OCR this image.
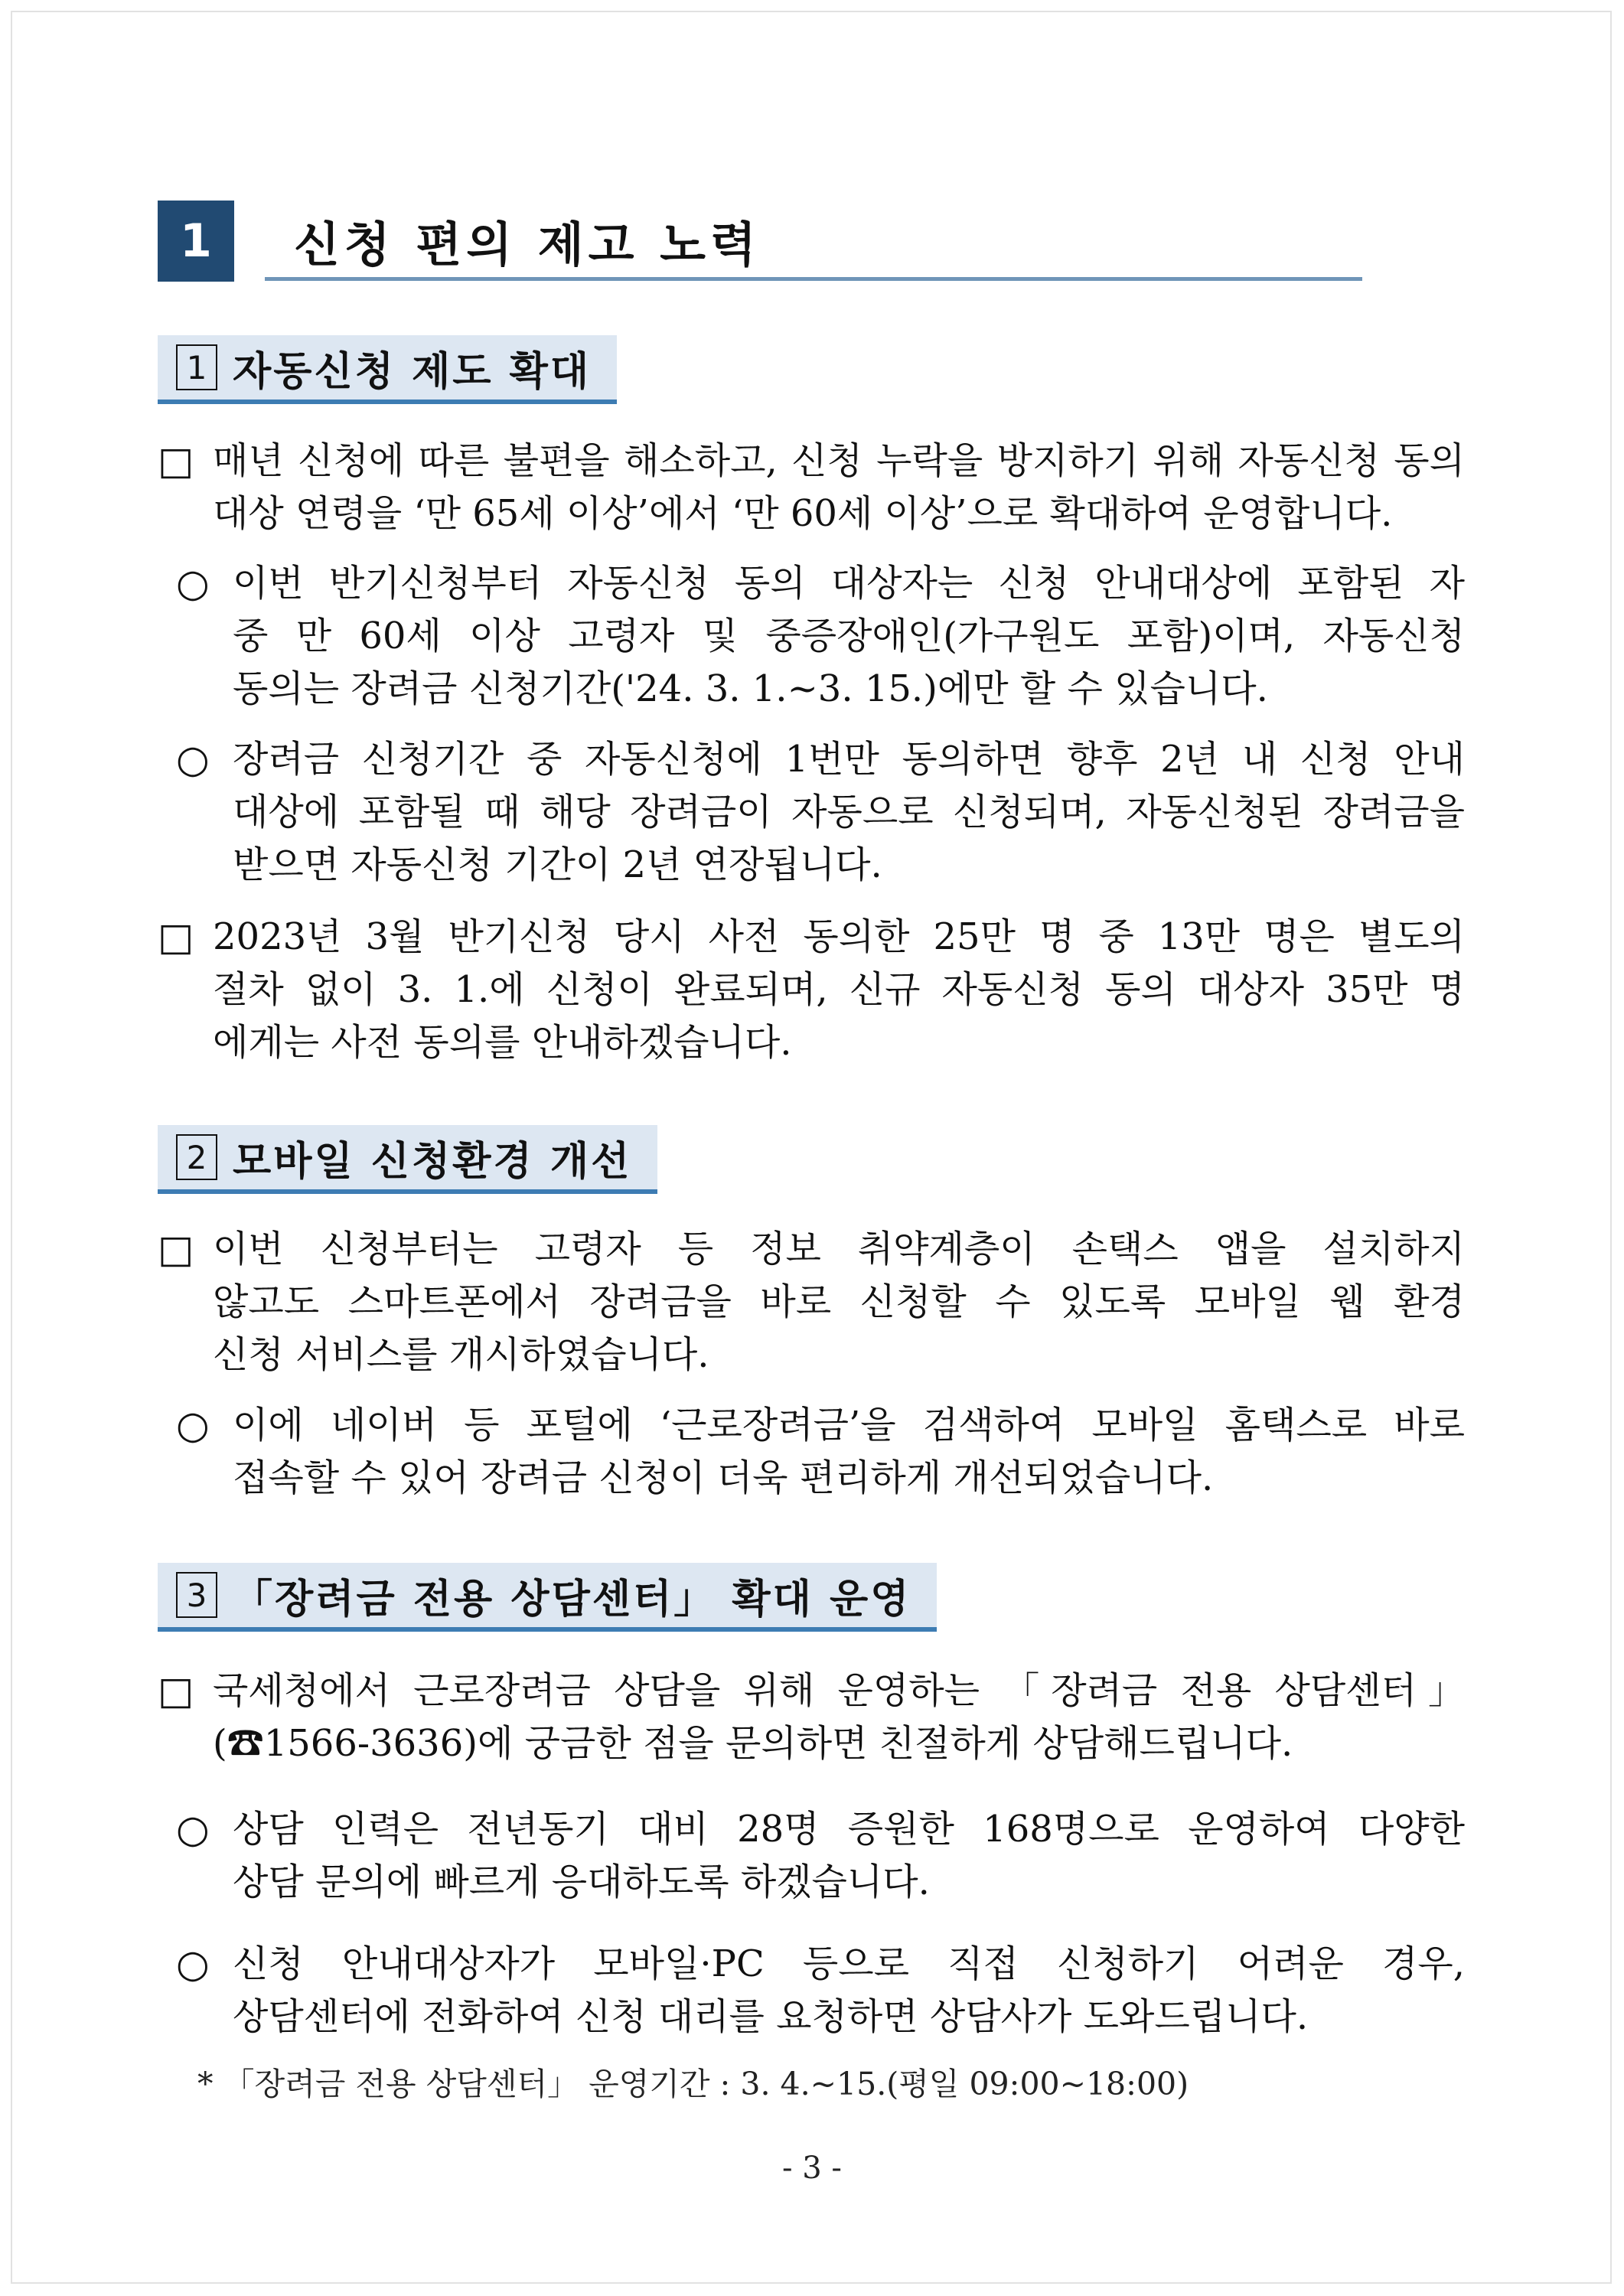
1	신청 편의 제고 노력
1 자동신청 제도 확대
□ 매년 신청에 따른 불편을 해소하고, 신청 누락을 방지하기 위해 자동신청 동의
대상 연령을 ‘만 65세 이상’에서 ‘만 60세 이상’으로 확대하여 운영합니다.
○ 이번 반기신청부터 자동신청 동의 대상자는 신청 안내대상에 포함된 자
중 만 60세 이상 고령자 및 중증장애인(가구원도 포함)이며, 자동신청
동의는 장려금 신청기간('24. 3. 1.~3. 15.)에만 할 수 있습니다.
○ 장려금 신청기간 중 자동신청에 1번만 동의하면 향후 2년 내 신청 안내
대상에 포함될 때 해당 장려금이 자동으로 신청되며, 자동신청된 장려금을
받으면 자동신청 기간이 2년 연장됩니다.
□ 2023년 3월 반기신청 당시 사전 동의한 25만 명 중 13만 명은 별도의
절차 없이 3. 1.에 신청이 완료되며, 신규 자동신청 동의 대상자 35만 명
에게는 사전 동의를 안내하겠습니다.
2 모바일 신청환경 개선
□ 이번 신청부터는 고령자 등 정보 취약계층이 손택스 앱을 설치하지
않고도 스마트폰에서 장려금을 바로 신청할 수 있도록 모바일 웹 환경
신청 서비스를 개시하였습니다.
○ 이에 네이버 등 포털에 ‘근로장려금’을 검색하여 모바일 홈택스로 바로
접속할 수 있어 장려금 신청이 더욱 편리하게 개선되었습니다.
3 「장려금 전용 상담센터」 확대 운영
□ 국세청에서 근로장려금 상담을 위해 운영하는 「장려금 전용 상담센터」
(☎1566-3636)에 궁금한 점을 문의하면 친절하게 상담해드립니다.
○ 상담 인력은 전년동기 대비 28명 증원한 168명으로 운영하여 다양한
상담 문의에 빠르게 응대하도록 하겠습니다.
○ 신청 안내대상자가 모바일·PC 등으로 직접 신청하기 어려운 경우,
상담센터에 전화하여 신청 대리를 요청하면 상담사가 도와드립니다.
* 「장려금 전용 상담센터」 운영기간 : 3. 4.~15.(평일 09:00~18:00)
- 3 -
